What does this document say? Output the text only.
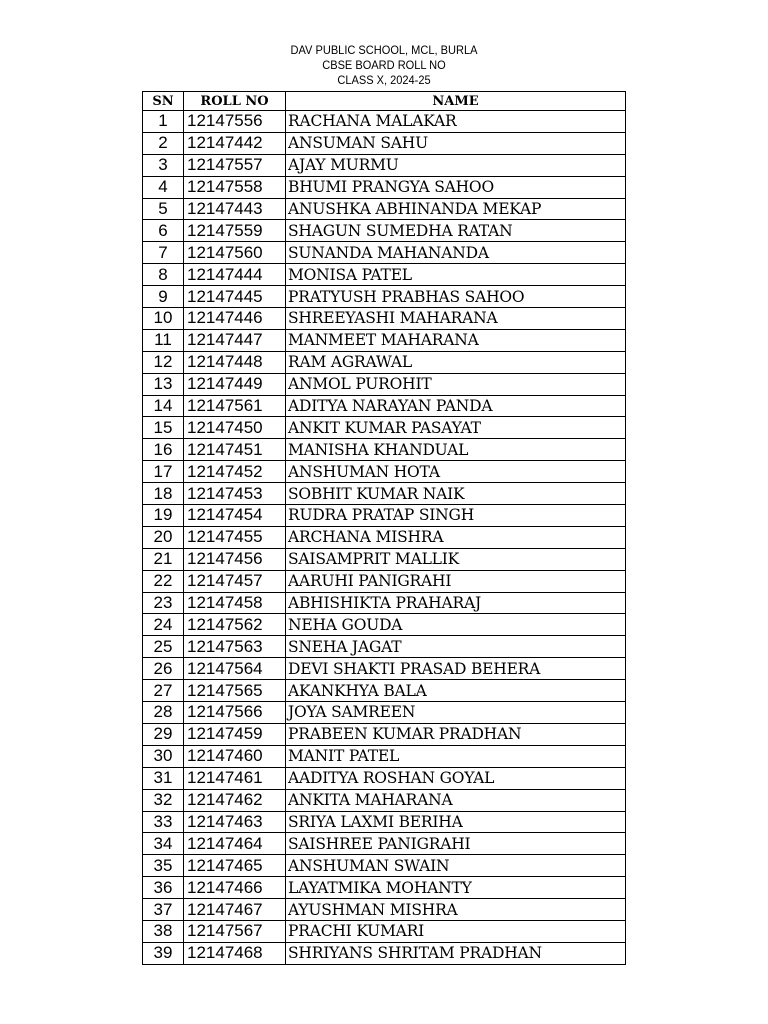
DAV PUBLIC SCHOOL, MCL, BURLA
CBSE BOARD ROLL NO
CLASS X, 2024-25
SN	ROLL NO	NAME
1	12147556	RACHANA MALAKAR
2	12147442	ANSUMAN SAHU
3	12147557	AJAY MURMU
4	12147558	BHUMI PRANGYA SAHOO
5	12147443	ANUSHKA ABHINANDA MEKAP
6	12147559	SHAGUN SUMEDHA RATAN
7	12147560	SUNANDA MAHANANDA
8	12147444	MONISA PATEL
9	12147445	PRATYUSH PRABHAS SAHOO
10	12147446	SHREEYASHI MAHARANA
11	12147447	MANMEET MAHARANA
12	12147448	RAM AGRAWAL
13	12147449	ANMOL PUROHIT
14	12147561	ADITYA NARAYAN PANDA
15	12147450	ANKIT KUMAR PASAYAT
16	12147451	MANISHA KHANDUAL
17	12147452	ANSHUMAN HOTA
18	12147453	SOBHIT KUMAR NAIK
19	12147454	RUDRA PRATAP SINGH
20	12147455	ARCHANA MISHRA
21	12147456	SAISAMPRIT MALLIK
22	12147457	AARUHI PANIGRAHI
23	12147458	ABHISHIKTA PRAHARAJ
24	12147562	NEHA GOUDA
25	12147563	SNEHA JAGAT
26	12147564	DEVI SHAKTI PRASAD BEHERA
27	12147565	AKANKHYA BALA
28	12147566	JOYA SAMREEN
29	12147459	PRABEEN KUMAR PRADHAN
30	12147460	MANIT PATEL
31	12147461	AADITYA ROSHAN GOYAL
32	12147462	ANKITA MAHARANA
33	12147463	SRIYA LAXMI BERIHA
34	12147464	SAISHREE PANIGRAHI
35	12147465	ANSHUMAN SWAIN
36	12147466	LAYATMIKA MOHANTY
37	12147467	AYUSHMAN MISHRA
38	12147567	PRACHI KUMARI
39	12147468	SHRIYANS SHRITAM PRADHAN
